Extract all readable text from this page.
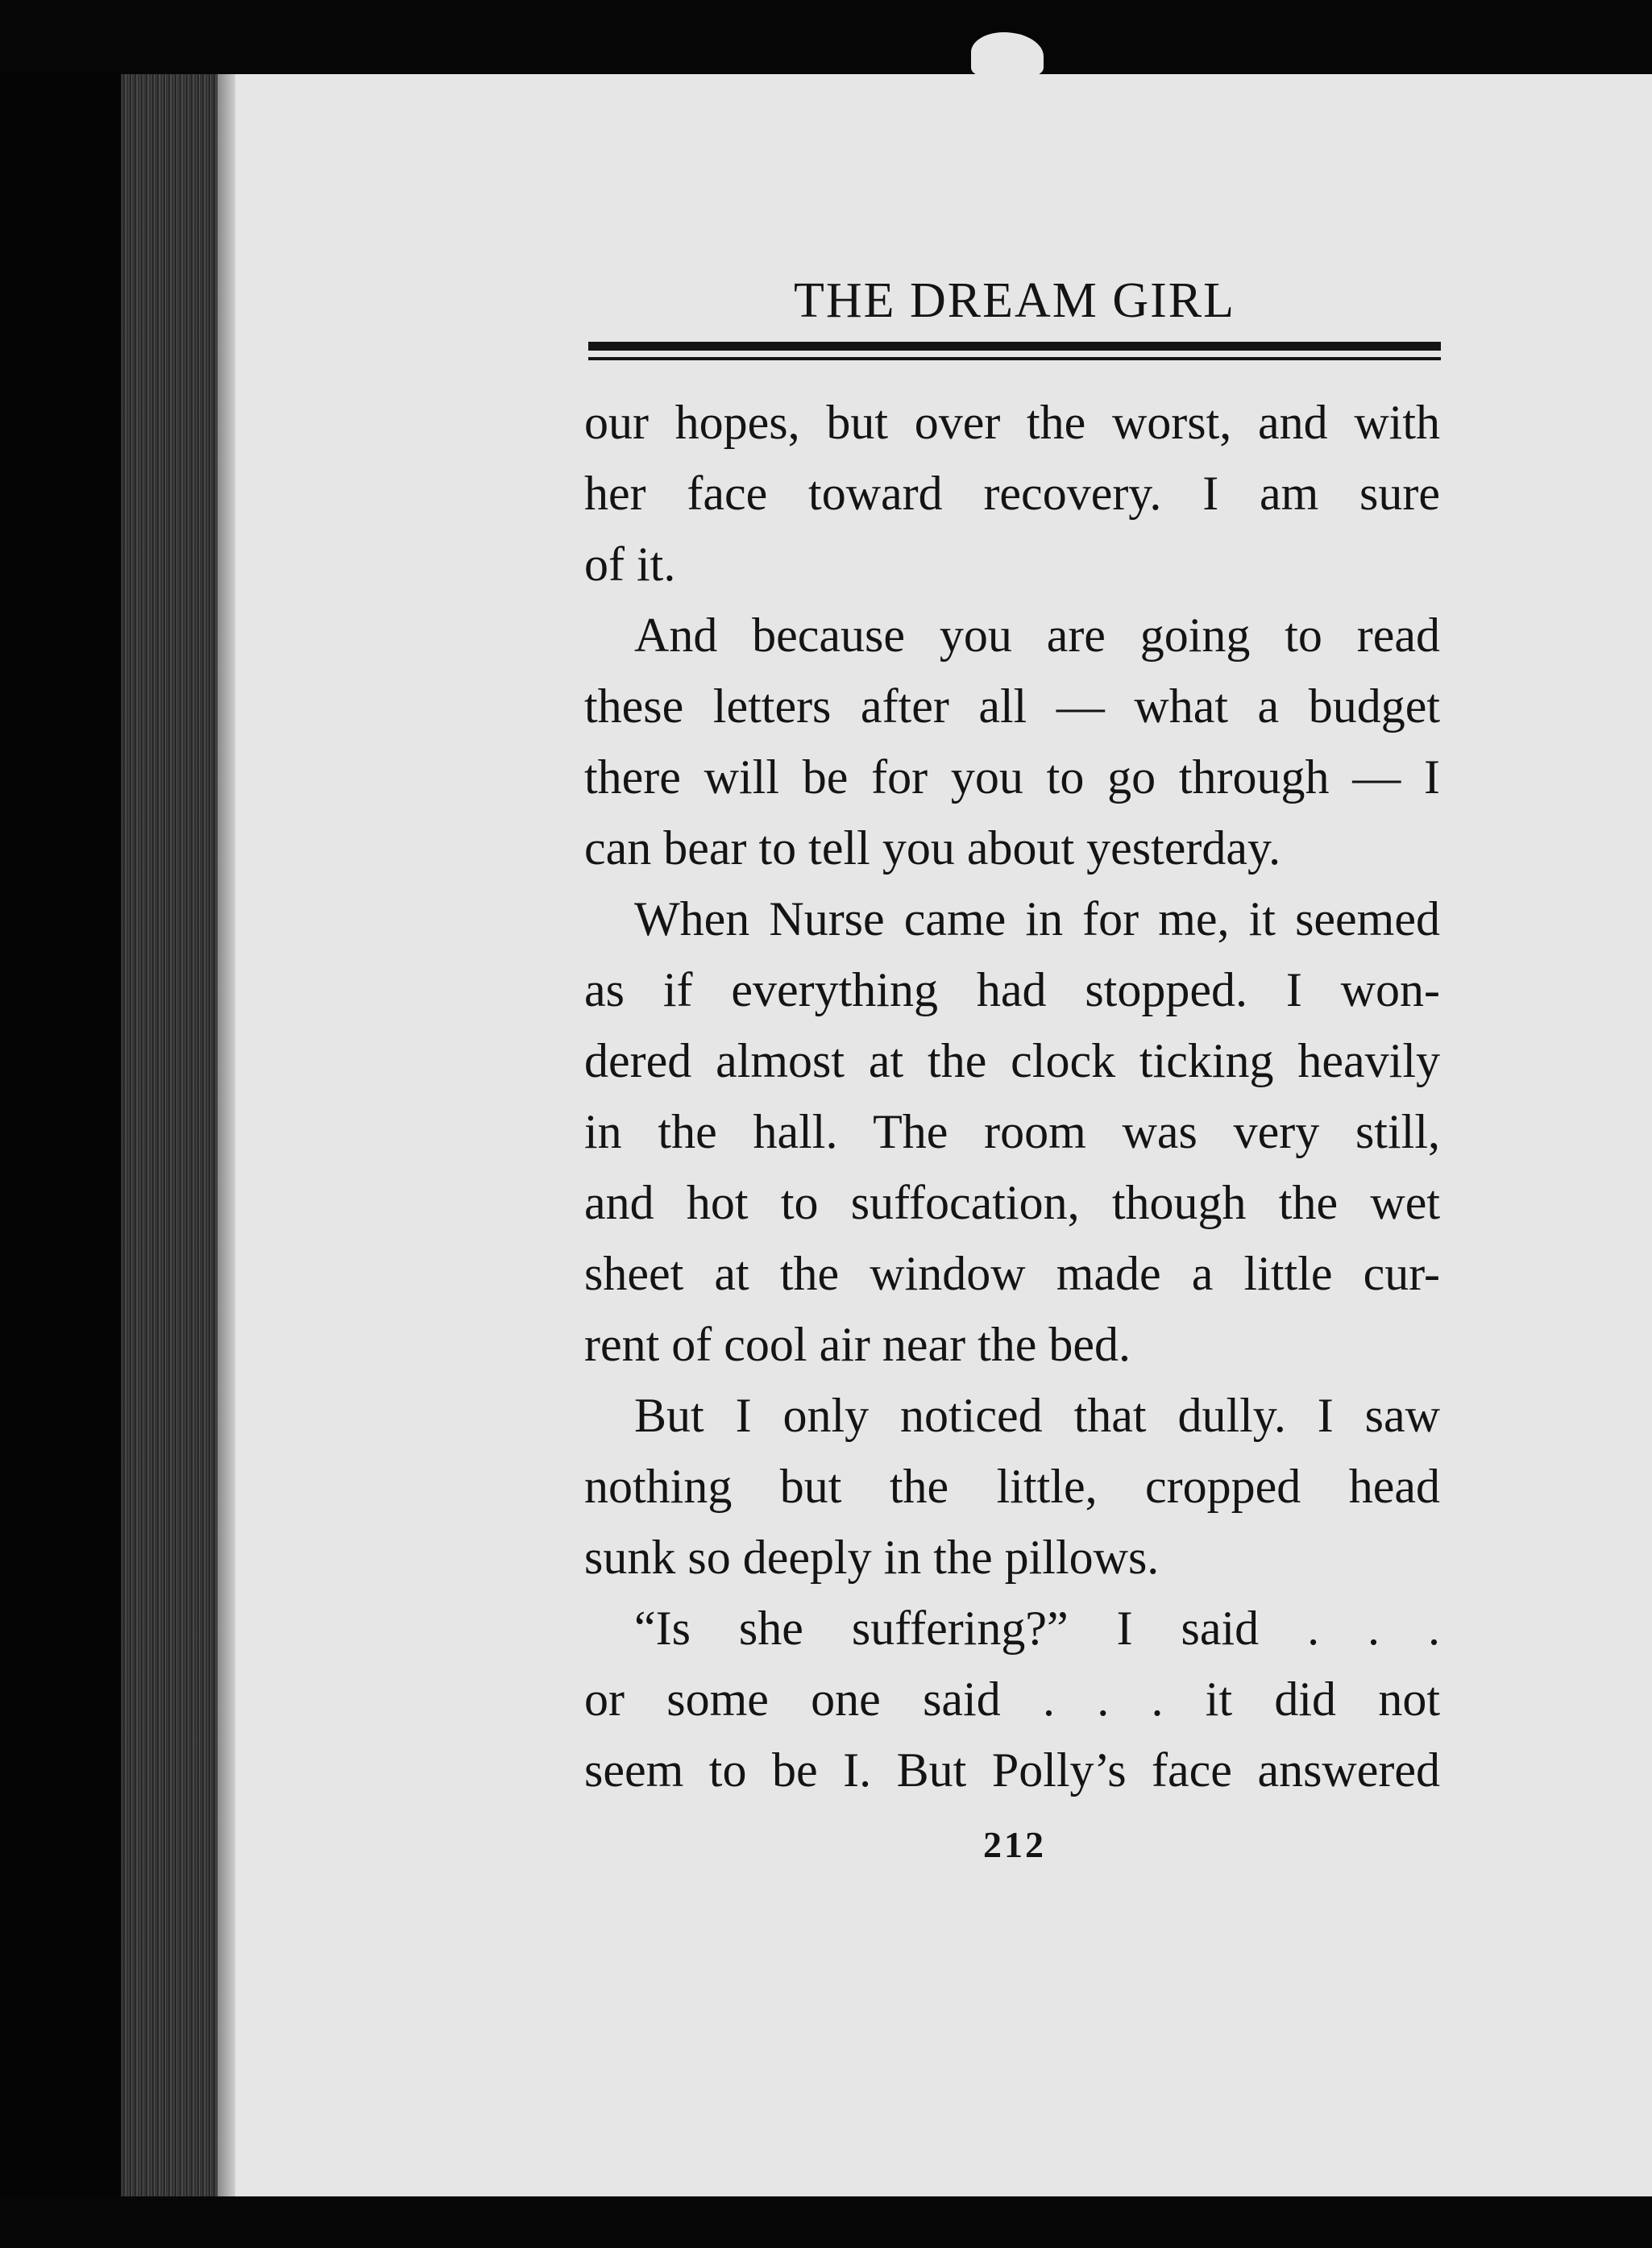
THE DREAM GIRL
our hopes, but over the worst, and with
her face toward recovery. I am sure
of it.
And because you are going to read
these letters after all — what a budget
there will be for you to go through — I
can bear to tell you about yesterday.
When Nurse came in for me, it seemed
as if everything had stopped. I won-
dered almost at the clock ticking heavily
in the hall. The room was very still,
and hot to suffocation, though the wet
sheet at the window made a little cur-
rent of cool air near the bed.
But I only noticed that dully. I saw
nothing but the little, cropped head
sunk so deeply in the pillows.
“Is she suffering?” I said . . .
or some one said . . . it did not
seem to be I. But Polly’s face answered
212
